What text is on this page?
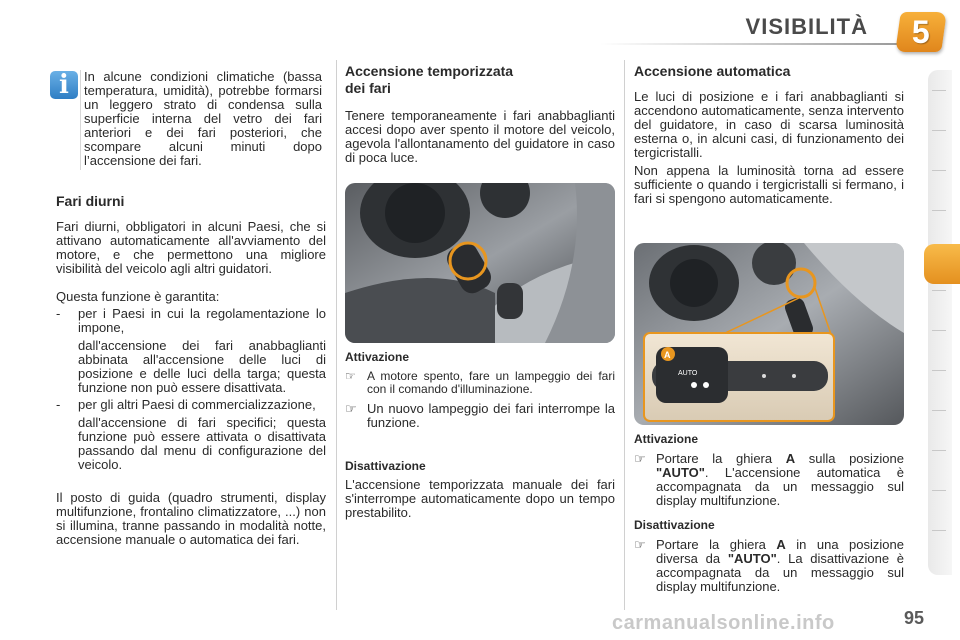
VISIBILITÀ 5
i In alcune condizioni climatiche (bassa temperatura, umidità), potrebbe formarsi un leggero strato di condensa sulla superficie interna del vetro dei fari anteriori e dei fari posteriori, che scompare alcuni minuti dopo l’accensione dei fari.

Fari diurni

Fari diurni, obbligatori in alcuni Paesi, che si attivano automaticamente all'avviamento del motore, e che permettono una migliore visibilità del veicolo agli altri guidatori.

Questa funzione è garantita:

-	per i Paesi in cui la regolamentazione lo impone,
dall'accensione dei fari anabbaglianti abbinata all'accensione delle luci di posizione e delle luci della targa; questa funzione non può essere disattivata.
-	per gli altri Paesi di commercializzazione,
dall'accensione di fari specifici; questa funzione può essere attivata o disattivata passando dal menu di configurazione del veicolo.

Il posto di guida (quadro strumenti, display multifunzione, frontalino climatizzatore, ...) non si illumina, tranne passando in modalità notte, accensione manuale o automatica dei fari.

Accensione temporizzata
dei fari

Tenere temporaneamente i fari anabbaglianti accesi dopo aver spento il motore del veicolo, agevola l'allontanamento del guidatore in caso di poca luce.

Attivazione

☞ A motore spento, fare un lampeggio dei fari con il comando d'illuminazione.
☞ Un nuovo lampeggio dei fari interrompe la funzione.

Disattivazione

L'accensione temporizzata manuale dei fari s'interrompe automaticamente dopo un tempo prestabilito.

Accensione automatica

Le luci di posizione e i fari anabbaglianti si accendono automaticamente, senza intervento del guidatore, in caso di scarsa luminosità esterna o, in alcuni casi, di funzionamento dei tergicristalli.

Non appena la luminosità torna ad essere sufficiente o quando i tergicristalli si fermano, i fari si spengono automaticamente.

A
AUTO

Attivazione

☞ Portare la ghiera A sulla posizione "AUTO". L'accensione automatica è accompagnata da un messaggio sul display multifunzione.

Disattivazione

☞ Portare la ghiera A in una posizione diversa da "AUTO". La disattivazione è accompagnata da un messaggio sul display multifunzione.
carmanualsonline.info	95
